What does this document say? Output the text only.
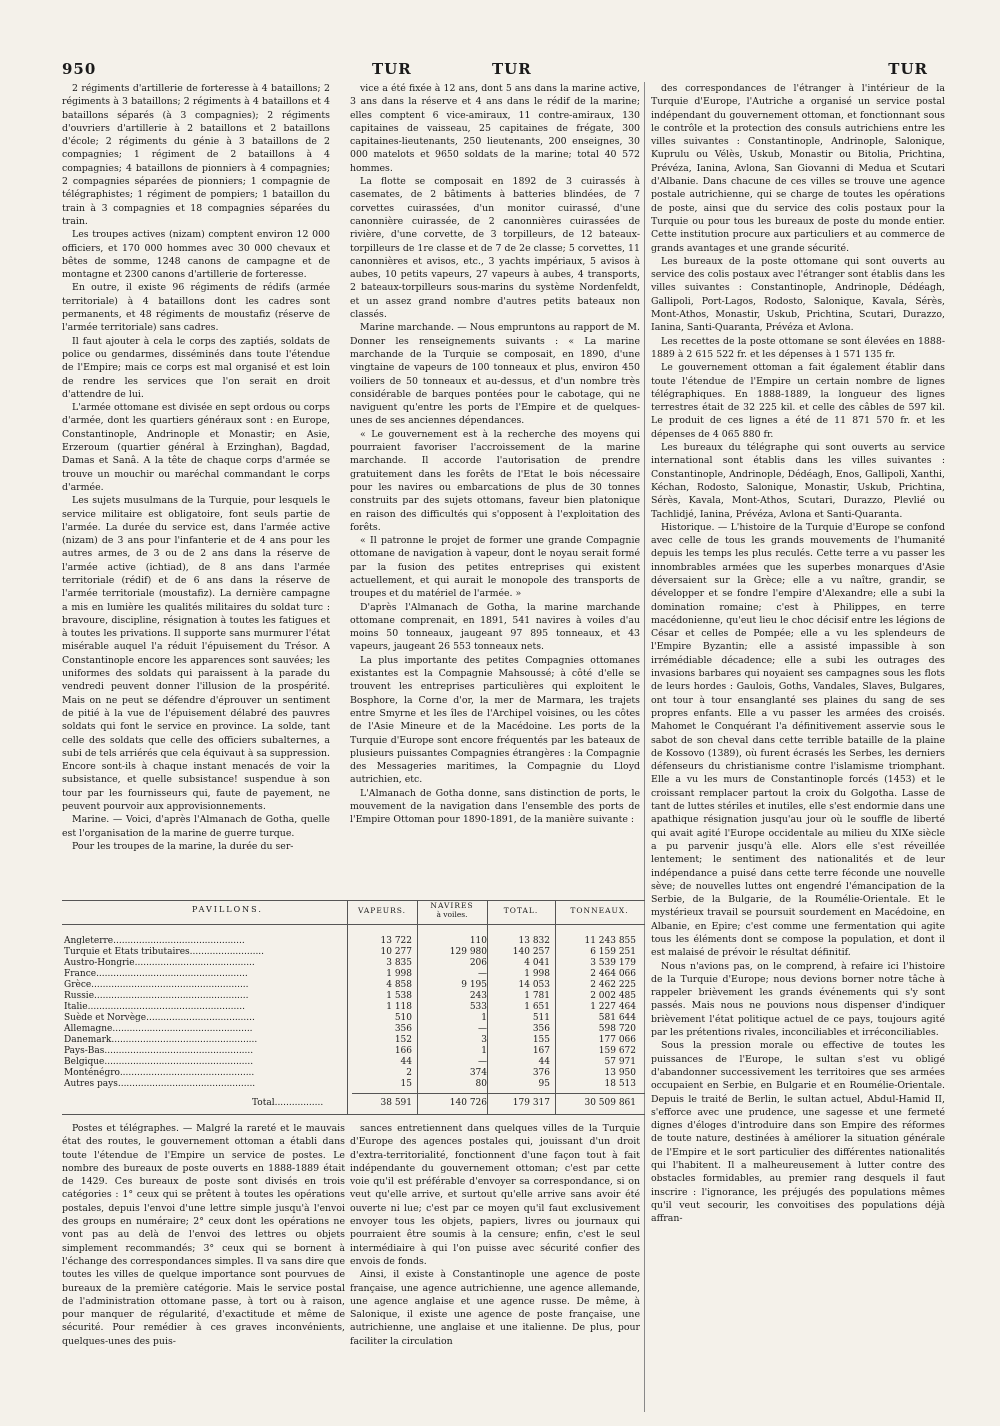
950	TUR	TUR	TUR

2 régiments d'artillerie de forteresse à 4 bataillons; 2 régiments à 3 bataillons; 2 régiments à 4 bataillons et 4 bataillons séparés (à 3 compagnies); 2 régiments d'ouvriers d'artillerie à 2 bataillons et 2 bataillons d'école; 2 régiments du génie à 3 bataillons de 2 compagnies; 1 régiment de 2 bataillons à 4 compagnies; 4 bataillons de pionniers à 4 compagnies; 2 compagnies séparées de pionniers; 1 compagnie de télégraphistes; 1 régiment de pompiers; 1 bataillon du train à 3 compagnies et 18 compagnies séparées du train.

Les troupes actives (nizam) comptent environ 12 000 officiers, et 170 000 hommes avec 30 000 chevaux et bêtes de somme, 1248 canons de campagne et de montagne et 2300 canons d'artillerie de forteresse.

En outre, il existe 96 régiments de rédifs (armée territoriale) à 4 bataillons dont les cadres sont permanents, et 48 régiments de moustafiz (réserve de l'armée territoriale) sans cadres.

Il faut ajouter à cela le corps des zaptiés, soldats de police ou gendarmes, disséminés dans toute l'étendue de l'Empire; mais ce corps est mal organisé et est loin de rendre les services que l'on serait en droit d'attendre de lui.

L'armée ottomane est divisée en sept ordous ou corps d'armée, dont les quartiers généraux sont : en Europe, Constantinople, Andrinople et Monastir; en Asie, Erzeroum (quartier général à Erzinghan), Bagdad, Damas et Sanâ. A la tête de chaque corps d'armée se trouve un mouchir ou maréchal commandant le corps d'armée.

Les sujets musulmans de la Turquie, pour lesquels le service militaire est obligatoire, font seuls partie de l'armée. La durée du service est, dans l'armée active (nizam) de 3 ans pour l'infanterie et de 4 ans pour les autres armes, de 3 ou de 2 ans dans la réserve de l'armée active (ichtiad), de 8 ans dans l'armée territoriale (rédif) et de 6 ans dans la réserve de l'armée territoriale (moustafiz). La dernière campagne a mis en lumière les qualités militaires du soldat turc : bravoure, discipline, résignation à toutes les fatigues et à toutes les privations. Il supporte sans murmurer l'état misérable auquel l'a réduit l'épuisement du Trésor. A Constantinople encore les apparences sont sauvées; les uniformes des soldats qui paraissent à la parade du vendredi peuvent donner l'illusion de la prospérité. Mais on ne peut se défendre d'éprouver un sentiment de pitié à la vue de l'épuisement délabré des pauvres soldats qui font le service en province. La solde, tant celle des soldats que celle des officiers subalternes, a subi de tels arriérés que cela équivaut à sa suppression. Encore sont-ils à chaque instant menacés de voir la subsistance, et quelle subsistance! suspendue à son tour par les fournisseurs qui, faute de payement, ne peuvent pourvoir aux approvisionnements.

Marine. — Voici, d'après l'Almanach de Gotha, quelle est l'organisation de la marine de guerre turque.

Pour les troupes de la marine, la durée du ser-

vice a été fixée à 12 ans, dont 5 ans dans la marine active, 3 ans dans la réserve et 4 ans dans le rédif de la marine; elles comptent 6 vice-amiraux, 11 contre-amiraux, 130 capitaines de vaisseau, 25 capitaines de frégate, 300 capitaines-lieutenants, 250 lieutenants, 200 enseignes, 30 000 matelots et 9650 soldats de la marine; total 40 572 hommes.

La flotte se composait en 1892 de 3 cuirassés à casemates, de 2 bâtiments à batteries blindées, de 7 corvettes cuirassées, d'un monitor cuirassé, d'une canonnière cuirassée, de 2 canonnières cuirassées de rivière, d'une corvette, de 3 torpilleurs, de 12 bateaux-torpilleurs de 1re classe et de 7 de 2e classe; 5 corvettes, 11 canonnières et avisos, etc., 3 yachts impériaux, 5 avisos à aubes, 10 petits vapeurs, 27 vapeurs à aubes, 4 transports, 2 bateaux-torpilleurs sous-marins du système Nordenfeldt, et un assez grand nombre d'autres petits bateaux non classés.

Marine marchande. — Nous empruntons au rapport de M. Donner les renseignements suivants : « La marine marchande de la Turquie se composait, en 1890, d'une vingtaine de vapeurs de 100 tonneaux et plus, environ 450 voiliers de 50 tonneaux et au-dessus, et d'un nombre très considérable de barques pontées pour le cabotage, qui ne naviguent qu'entre les ports de l'Empire et de quelques-unes de ses anciennes dépendances.

« Le gouvernement est à la recherche des moyens qui pourraient favoriser l'accroissement de la marine marchande. Il accorde l'autorisation de prendre gratuitement dans les forêts de l'Etat le bois nécessaire pour les navires ou embarcations de plus de 30 tonnes construits par des sujets ottomans, faveur bien platonique en raison des difficultés qui s'opposent à l'exploitation des forêts.

« Il patronne le projet de former une grande Compagnie ottomane de navigation à vapeur, dont le noyau serait formé par la fusion des petites entreprises qui existent actuellement, et qui aurait le monopole des transports de troupes et du matériel de l'armée. »

D'après l'Almanach de Gotha, la marine marchande ottomane comprenait, en 1891, 541 navires à voiles d'au moins 50 tonneaux, jaugeant 97 895 tonneaux, et 43 vapeurs, jaugeant 26 553 tonneaux nets.

La plus importante des petites Compagnies ottomanes existantes est la Compagnie Mahsoussé; à côté d'elle se trouvent les entreprises particulières qui exploitent le Bosphore, la Corne d'or, la mer de Marmara, les trajets entre Smyrne et les îles de l'Archipel voisines, ou les côtes de l'Asie Mineure et de la Macédoine. Les ports de la Turquie d'Europe sont encore fréquentés par les bateaux de plusieurs puissantes Compagnies étrangères : la Compagnie des Messageries maritimes, la Compagnie du Lloyd autrichien, etc.

L'Almanach de Gotha donne, sans distinction de ports, le mouvement de la navigation dans l'ensemble des ports de l'Empire Ottoman pour 1890-1891, de la manière suivante :

des correspondances de l'étranger à l'intérieur de la Turquie d'Europe, l'Autriche a organisé un service postal indépendant du gouvernement ottoman, et fonctionnant sous le contrôle et la protection des consuls autrichiens entre les villes suivantes : Constantinople, Andrinople, Salonique, Kuprulu ou Vélès, Uskub, Monastir ou Bitolia, Prichtina, Prévéza, Ianina, Avlona, San Giovanni di Medua et Scutari d'Albanie. Dans chacune de ces villes se trouve une agence postale autrichienne, qui se charge de toutes les opérations de poste, ainsi que du service des colis postaux pour la Turquie ou pour tous les bureaux de poste du monde entier. Cette institution procure aux particuliers et au commerce de grands avantages et une grande sécurité.

Les bureaux de la poste ottomane qui sont ouverts au service des colis postaux avec l'étranger sont établis dans les villes suivantes : Constantinople, Andrinople, Dédéagh, Gallipoli, Port-Lagos, Rodosto, Salonique, Kavala, Sérès, Mont-Athos, Monastir, Uskub, Prichtina, Scutari, Durazzo, Ianina, Santi-Quaranta, Prévéza et Avlona.

Les recettes de la poste ottomane se sont élevées en 1888-1889 à 2 615 522 fr. et les dépenses à 1 571 135 fr.

Le gouvernement ottoman a fait également établir dans toute l'étendue de l'Empire un certain nombre de lignes télégraphiques. En 1888-1889, la longueur des lignes terrestres était de 32 225 kil. et celle des câbles de 597 kil. Le produit de ces lignes a été de 11 871 570 fr. et les dépenses de 4 065 880 fr.

Les bureaux du télégraphe qui sont ouverts au service international sont établis dans les villes suivantes : Constantinople, Andrinople, Dédéagh, Enos, Gallipoli, Xanthi, Kéchan, Rodosto, Salonique, Monastir, Uskub, Prichtina, Sérès, Kavala, Mont-Athos, Scutari, Durazzo, Plevlié ou Tachlidjé, Ianina, Prévéza, Avlona et Santi-Quaranta.

Historique. — L'histoire de la Turquie d'Europe se confond avec celle de tous les grands mouvements de l'humanité depuis les temps les plus reculés. Cette terre a vu passer les innombrables armées que les superbes monarques d'Asie déversaient sur la Grèce; elle a vu naître, grandir, se développer et se fondre l'empire d'Alexandre; elle a subi la domination romaine; c'est à Philippes, en terre macédonienne, qu'eut lieu le choc décisif entre les légions de César et celles de Pompée; elle a vu les splendeurs de l'Empire Byzantin; elle a assisté impassible à son irrémédiable décadence; elle a subi les outrages des invasions barbares qui noyaient ses campagnes sous les flots de leurs hordes : Gaulois, Goths, Vandales, Slaves, Bulgares, ont tour à tour ensanglanté ses plaines du sang de ses propres enfants. Elle a vu passer les armées des croisés. Mahomet le Conquérant l'a définitivement asservie sous le sabot de son cheval dans cette terrible bataille de la plaine de Kossovo (1389), où furent écrasés les Serbes, les derniers défenseurs du christianisme contre l'islamisme triomphant. Elle a vu les murs de Constantinople forcés (1453) et le croissant remplacer partout la croix du Golgotha. Lasse de tant de luttes stériles et inutiles, elle s'est endormie dans une apathique résignation jusqu'au jour où le souffle de liberté qui avait agité l'Europe occidentale au milieu du XIXe siècle a pu parvenir jusqu'à elle. Alors elle s'est réveillée lentement; le sentiment des nationalités et de leur indépendance a puisé dans cette terre féconde une nouvelle sève; de nouvelles luttes ont engendré l'émancipation de la Serbie, de la Bulgarie, de la Roumélie-Orientale. Et le mystérieux travail se poursuit sourdement en Macédoine, en Albanie, en Epire; c'est comme une fermentation qui agite tous les éléments dont se compose la population, et dont il est malaisé de prévoir le résultat définitif.

Nous n'avions pas, on le comprend, à refaire ici l'histoire de la Turquie d'Europe; nous devions borner notre tâche à rappeler brièvement les grands événements qui s'y sont passés. Mais nous ne pouvions nous dispenser d'indiquer brièvement l'état politique actuel de ce pays, toujours agité par les prétentions rivales, inconciliables et irréconciliables.

Sous la pression morale ou effective de toutes les puissances de l'Europe, le sultan s'est vu obligé d'abandonner successivement les territoires que ses armées occupaient en Serbie, en Bulgarie et en Roumélie-Orientale. Depuis le traité de Berlin, le sultan actuel, Abdul-Hamid II, s'efforce avec une prudence, une sagesse et une fermeté dignes d'éloges d'introduire dans son Empire des réformes de toute nature, destinées à améliorer la situation générale de l'Empire et le sort particulier des différentes nationalités qui l'habitent. Il a malheureusement à lutter contre des obstacles formidables, au premier rang desquels il faut inscrire : l'ignorance, les préjugés des populations mêmes qu'il veut secourir, les convoitises des populations déjà affran-

PAVILLONS.	VAPEURS.
NAVIRES
à voiles.	TOTAL.	TONNEAUX.
Angleterre..............................................	13 722	110	13 832	11 243 855
Turquie et Etats tributaires..........................	10 277	129 980	140 257	6 159 251
Austro-Hongrie..........................................	3 835	206	4 041	3 539 179
France.....................................................	1 998	—	1 998	2 464 066
Grèce.......................................................	4 858	9 195	14 053	2 462 225
Russie......................................................	1 538	243	1 781	2 002 485
Italie.......................................................	1 118	533	1 651	1 227 464
Suède et Norvège......................................	510	1	511	581 644
Allemagne.................................................	356	—	356	598 720
Danemark...................................................	152	3	155	177 066
Pays-Bas....................................................	166	1	167	159 672
Belgique....................................................	44	—	44	57 971
Monténégro...............................................	2	374	376	13 950
Autres pays................................................	15	80	95	18 513
Total.................	38 591	140 726	179 317	30 509 861

Postes et télégraphes. — Malgré la rareté et le mauvais état des routes, le gouvernement ottoman a établi dans toute l'étendue de l'Empire un service de postes. Le nombre des bureaux de poste ouverts en 1888-1889 était de 1429. Ces bureaux de poste sont divisés en trois catégories : 1° ceux qui se prêtent à toutes les opérations postales, depuis l'envoi d'une lettre simple jusqu'à l'envoi des groups en numéraire; 2° ceux dont les opérations ne vont pas au delà de l'envoi des lettres ou objets simplement recommandés; 3° ceux qui se bornent à l'échange des correspondances simples. Il va sans dire que toutes les villes de quelque importance sont pourvues de bureaux de la première catégorie. Mais le service postal de l'administration ottomane passe, à tort ou à raison, pour manquer de régularité, d'exactitude et même de sécurité. Pour remédier à ces graves inconvénients, quelques-unes des puis-

sances entretiennent dans quelques villes de la Turquie d'Europe des agences postales qui, jouissant d'un droit d'extra-territorialité, fonctionnent d'une façon tout à fait indépendante du gouvernement ottoman; c'est par cette voie qu'il est préférable d'envoyer sa correspondance, si on veut qu'elle arrive, et surtout qu'elle arrive sans avoir été ouverte ni lue; c'est par ce moyen qu'il faut exclusivement envoyer tous les objets, papiers, livres ou journaux qui pourraient être soumis à la censure; enfin, c'est le seul intermédiaire à qui l'on puisse avec sécurité confier des envois de fonds.

Ainsi, il existe à Constantinople une agence de poste française, une agence autrichienne, une agence allemande, une agence anglaise et une agence russe. De même, à Salonique, il existe une agence de poste française, une autrichienne, une anglaise et une italienne. De plus, pour faciliter la circulation
